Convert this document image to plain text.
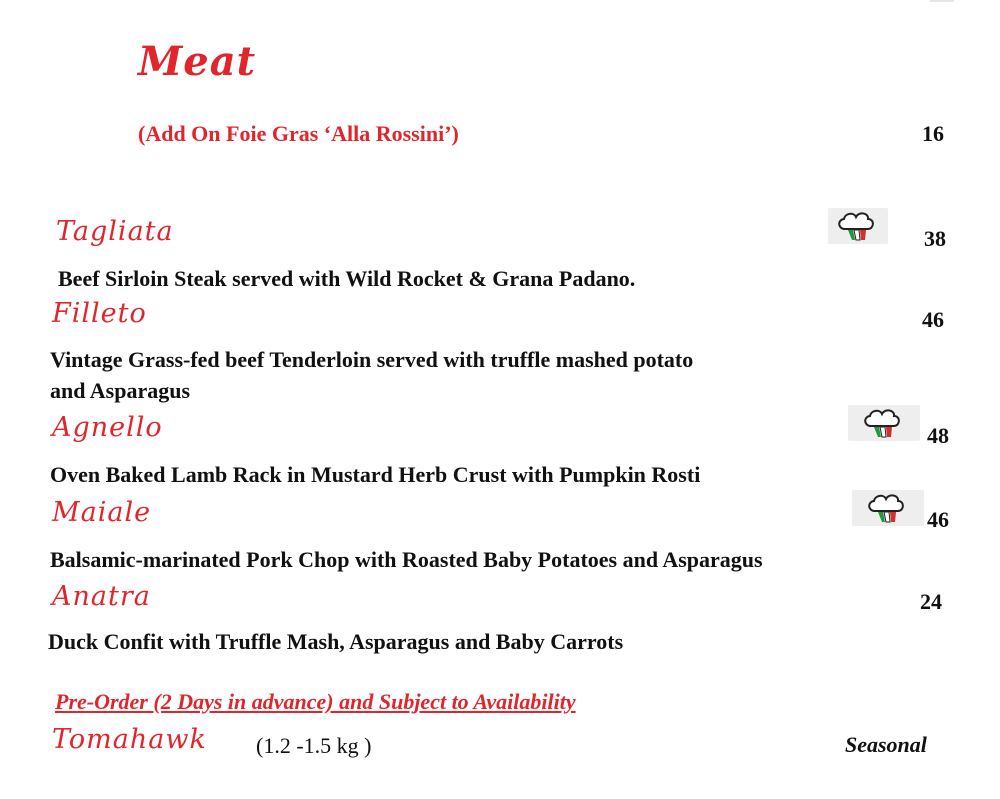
Meat
(Add On Foie Gras ‘Alla Rossini’)	16
Tagliata	38
Beef Sirloin Steak served with Wild Rocket & Grana Padano.
Filleto	46
Vintage Grass-fed beef Tenderloin served with truffle mashed potato
and Asparagus
Agnello	48
Oven Baked Lamb Rack in Mustard Herb Crust with Pumpkin Rosti
Maiale	46
Balsamic-marinated Pork Chop with Roasted Baby Potatoes and Asparagus
Anatra	24
Duck Confit with Truffle Mash, Asparagus and Baby Carrots
Pre-Order (2 Days in advance) and Subject to Availability
Tomahawk (1.2 -1.5 kg )	Seasonal
